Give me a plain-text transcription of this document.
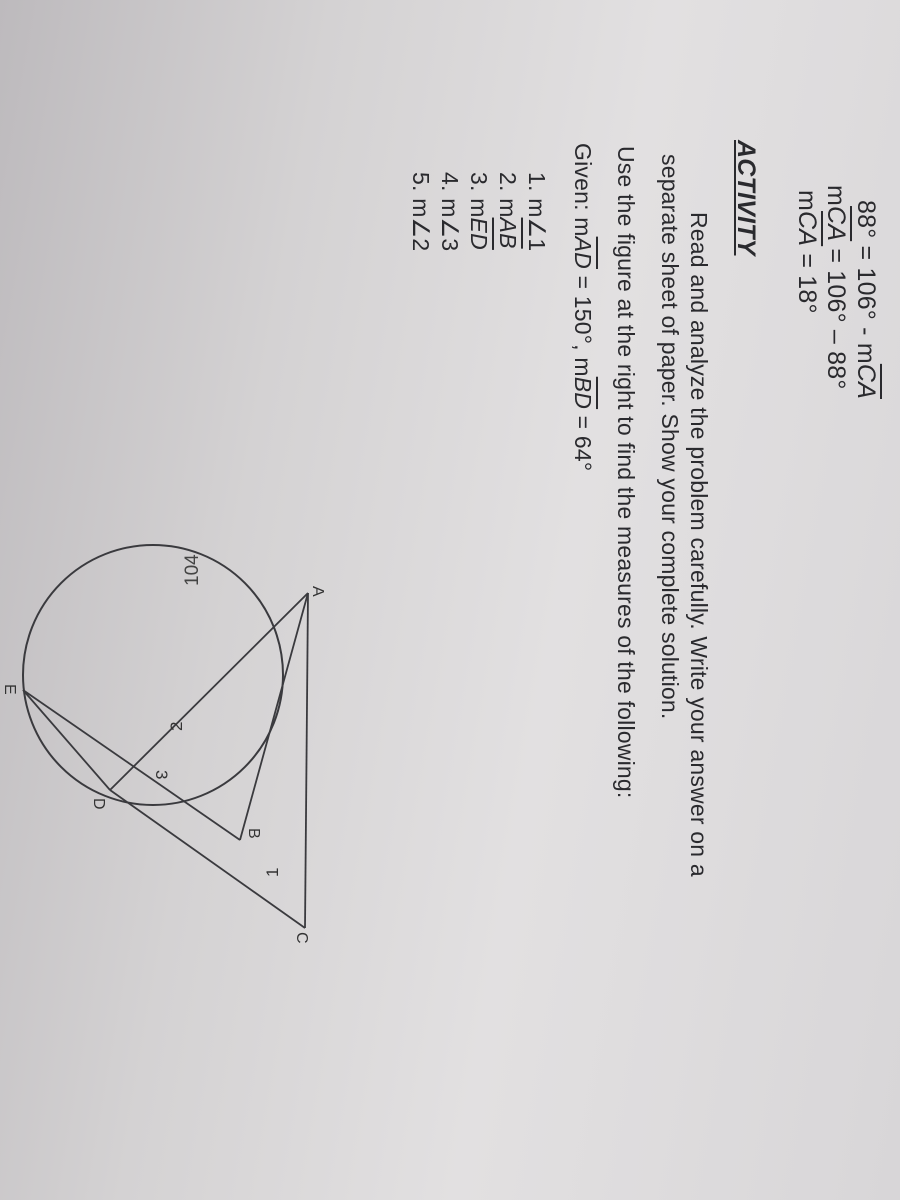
$88^\circ = 106^\circ - m\overline{CA}$
$m\overline{CA} = 106^\circ - 88^\circ$
$m\overline{CA} = 18^\circ$
ACTIVITY
Read and analyze the problem carefully. Write your answer on a
separate sheet of paper. Show your complete solution.
Use the figure at the right to find the measures of the following:
Given: $m\overline{AD} = 150^\circ$, $m\overline{BD} = 64^\circ$
1. m∠1
2. $m\overline{AB}$
3. $m\overline{ED}$
4. m∠3
5. m∠2
A
B
C
D
E
1
2
3
104
